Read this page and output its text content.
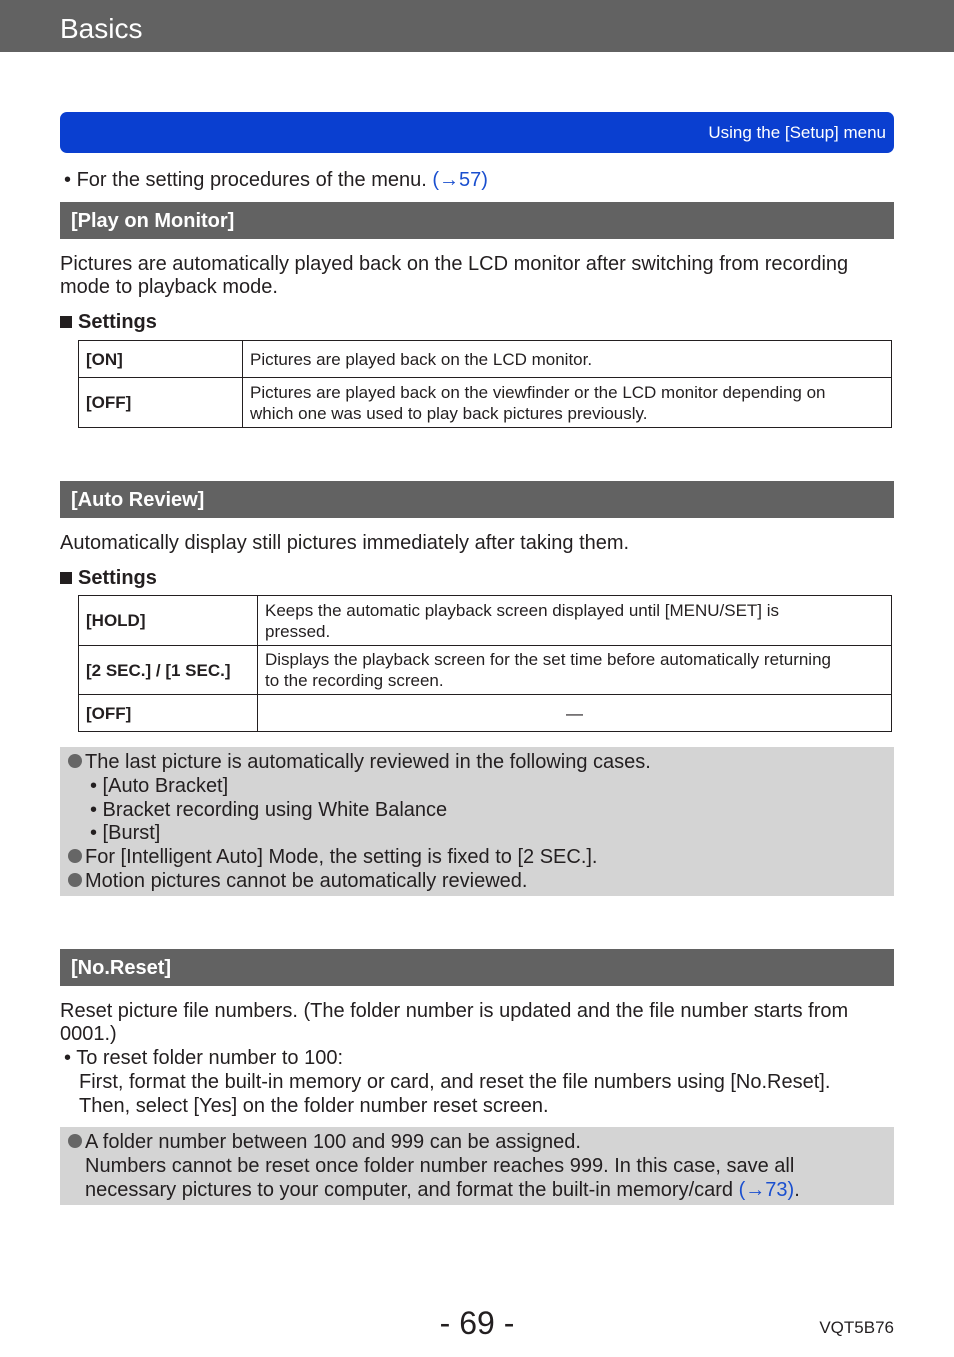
Basics
Using the [Setup] menu
• For the setting procedures of the menu. (→57)
[Play on Monitor]
Pictures are automatically played back on the LCD monitor after switching from recording
mode to playback mode.
Settings
[ON]	Pictures are played back on the LCD monitor.
[OFF]	Pictures are played back on the viewfinder or the LCD monitor depending on
which one was used to play back pictures previously.
[Auto Review]
Automatically display still pictures immediately after taking them.
Settings
[HOLD]	Keeps the automatic playback screen displayed until [MENU/SET] is
pressed.

[2 SEC.] / [1 SEC.]	Displays the playback screen for the set time before automatically returning
to the recording screen.

[OFF]	—
The last picture is automatically reviewed in the following cases.
• [Auto Bracket]
• Bracket recording using White Balance
• [Burst]
For [Intelligent Auto] Mode, the setting is fixed to [2 SEC.].
Motion pictures cannot be automatically reviewed.
[No.Reset]
Reset picture file numbers. (The folder number is updated and the file number starts from
0001.)
• To reset folder number to 100:
First, format the built-in memory or card, and reset the file numbers using [No.Reset].
Then, select [Yes] on the folder number reset screen.
A folder number between 100 and 999 can be assigned.
Numbers cannot be reset once folder number reaches 999. In this case, save all
necessary pictures to your computer, and format the built-in memory/card (→73).
- 69 -	VQT5B76
